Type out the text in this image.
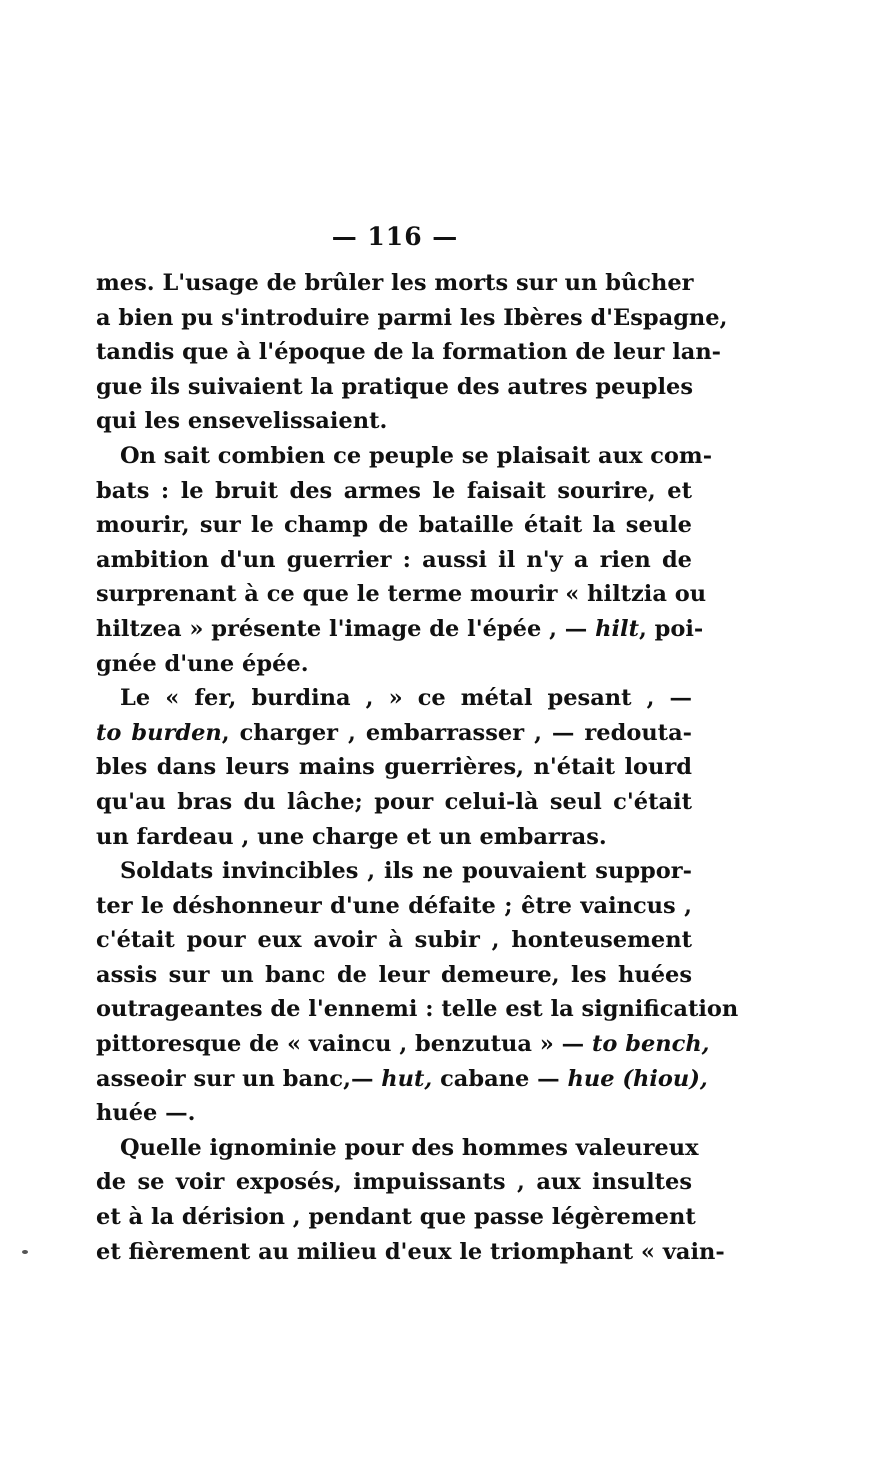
— 116 —
mes. L'usage de brûler les morts sur un bûcher
a bien pu s'introduire parmi les Ibères d'Espagne,
tandis que à l'époque de la formation de leur lan-
gue ils suivaient la pratique des autres peuples
qui les ensevelissaient.
On sait combien ce peuple se plaisait aux com-
bats : le bruit des armes le faisait sourire, et
mourir, sur le champ de bataille était la seule
ambition d'un guerrier : aussi il n'y a rien de
surprenant à ce que le terme mourir « hiltzia ou
hiltzea » présente l'image de l'épée , — hilt, poi-
gnée d'une épée.
Le « fer, burdina , » ce métal pesant , —
to burden, charger , embarrasser , — redouta-
bles dans leurs mains guerrières, n'était lourd
qu'au bras du lâche; pour celui-là seul c'était
un fardeau , une charge et un embarras.
Soldats invincibles , ils ne pouvaient suppor-
ter le déshonneur d'une défaite ; être vaincus ,
c'était pour eux avoir à subir , honteusement
assis sur un banc de leur demeure, les huées
outrageantes de l'ennemi : telle est la signification
pittoresque de « vaincu , benzutua » — to bench,
asseoir sur un banc,— hut, cabane — hue (hiou),
huée —.
Quelle ignominie pour des hommes valeureux
de se voir exposés, impuissants , aux insultes
et à la dérision , pendant que passe légèrement
et fièrement au milieu d'eux le triomphant « vain-
